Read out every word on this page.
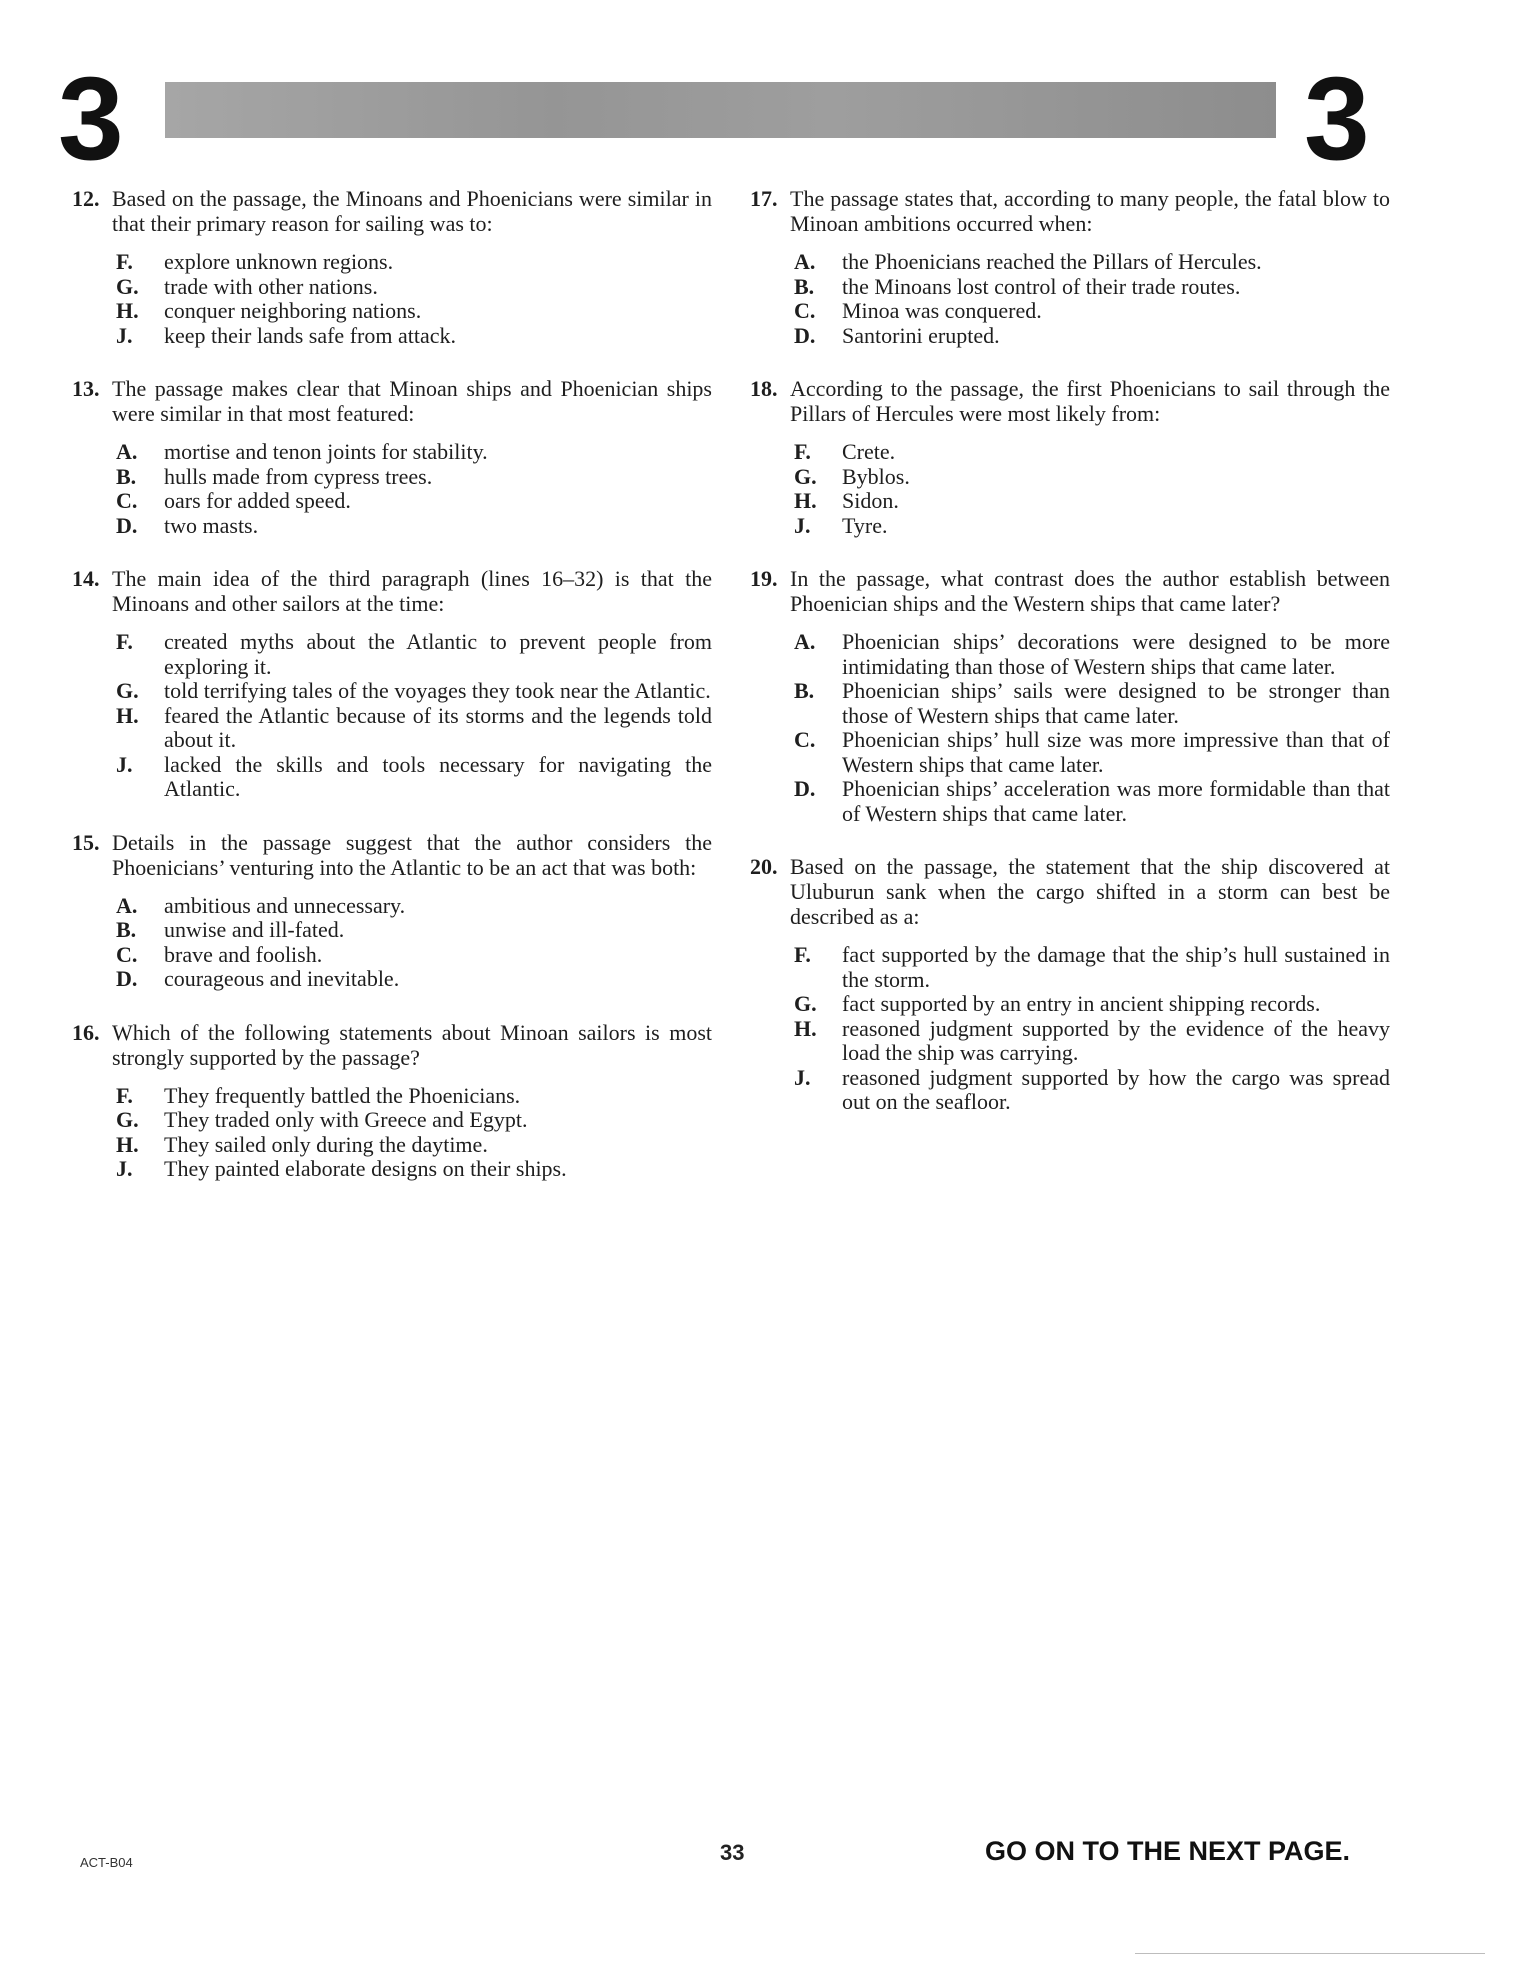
3	3
12. Based on the passage, the Minoans and Phoenicians were similar in that their primary reason for sailing was to:
F.	explore unknown regions.
G.	trade with other nations.
H.	conquer neighboring nations.
J.	keep their lands safe from attack.
13. The passage makes clear that Minoan ships and Phoenician ships were similar in that most featured:
A.	mortise and tenon joints for stability.
B.	hulls made from cypress trees.
C.	oars for added speed.
D.	two masts.
14. The main idea of the third paragraph (lines 16–32) is that the Minoans and other sailors at the time:
F.	created myths about the Atlantic to prevent people from exploring it.
G.	told terrifying tales of the voyages they took near the Atlantic.
H.	feared the Atlantic because of its storms and the legends told about it.
J.	lacked the skills and tools necessary for navigating the Atlantic.
15. Details in the passage suggest that the author considers the Phoenicians’ venturing into the Atlantic to be an act that was both:
A.	ambitious and unnecessary.
B.	unwise and ill-fated.
C.	brave and foolish.
D.	courageous and inevitable.
16. Which of the following statements about Minoan sailors is most strongly supported by the passage?
F.	They frequently battled the Phoenicians.
G.	They traded only with Greece and Egypt.
H.	They sailed only during the daytime.
J.	They painted elaborate designs on their ships.
17. The passage states that, according to many people, the fatal blow to Minoan ambitions occurred when:
A.	the Phoenicians reached the Pillars of Hercules.
B.	the Minoans lost control of their trade routes.
C.	Minoa was conquered.
D.	Santorini erupted.
18. According to the passage, the first Phoenicians to sail through the Pillars of Hercules were most likely from:
F.	Crete.
G.	Byblos.
H.	Sidon.
J.	Tyre.
19. In the passage, what contrast does the author establish between Phoenician ships and the Western ships that came later?
A.	Phoenician ships’ decorations were designed to be more intimidating than those of Western ships that came later.
B.	Phoenician ships’ sails were designed to be stronger than those of Western ships that came later.
C.	Phoenician ships’ hull size was more impressive than that of Western ships that came later.
D.	Phoenician ships’ acceleration was more formidable than that of Western ships that came later.
20. Based on the passage, the statement that the ship discovered at Uluburun sank when the cargo shifted in a storm can best be described as a:
F.	fact supported by the damage that the ship’s hull sustained in the storm.
G.	fact supported by an entry in ancient shipping records.
H.	reasoned judgment supported by the evidence of the heavy load the ship was carrying.
J.	reasoned judgment supported by how the cargo was spread out on the seafloor.
ACT-B04	33	GO ON TO THE NEXT PAGE.
